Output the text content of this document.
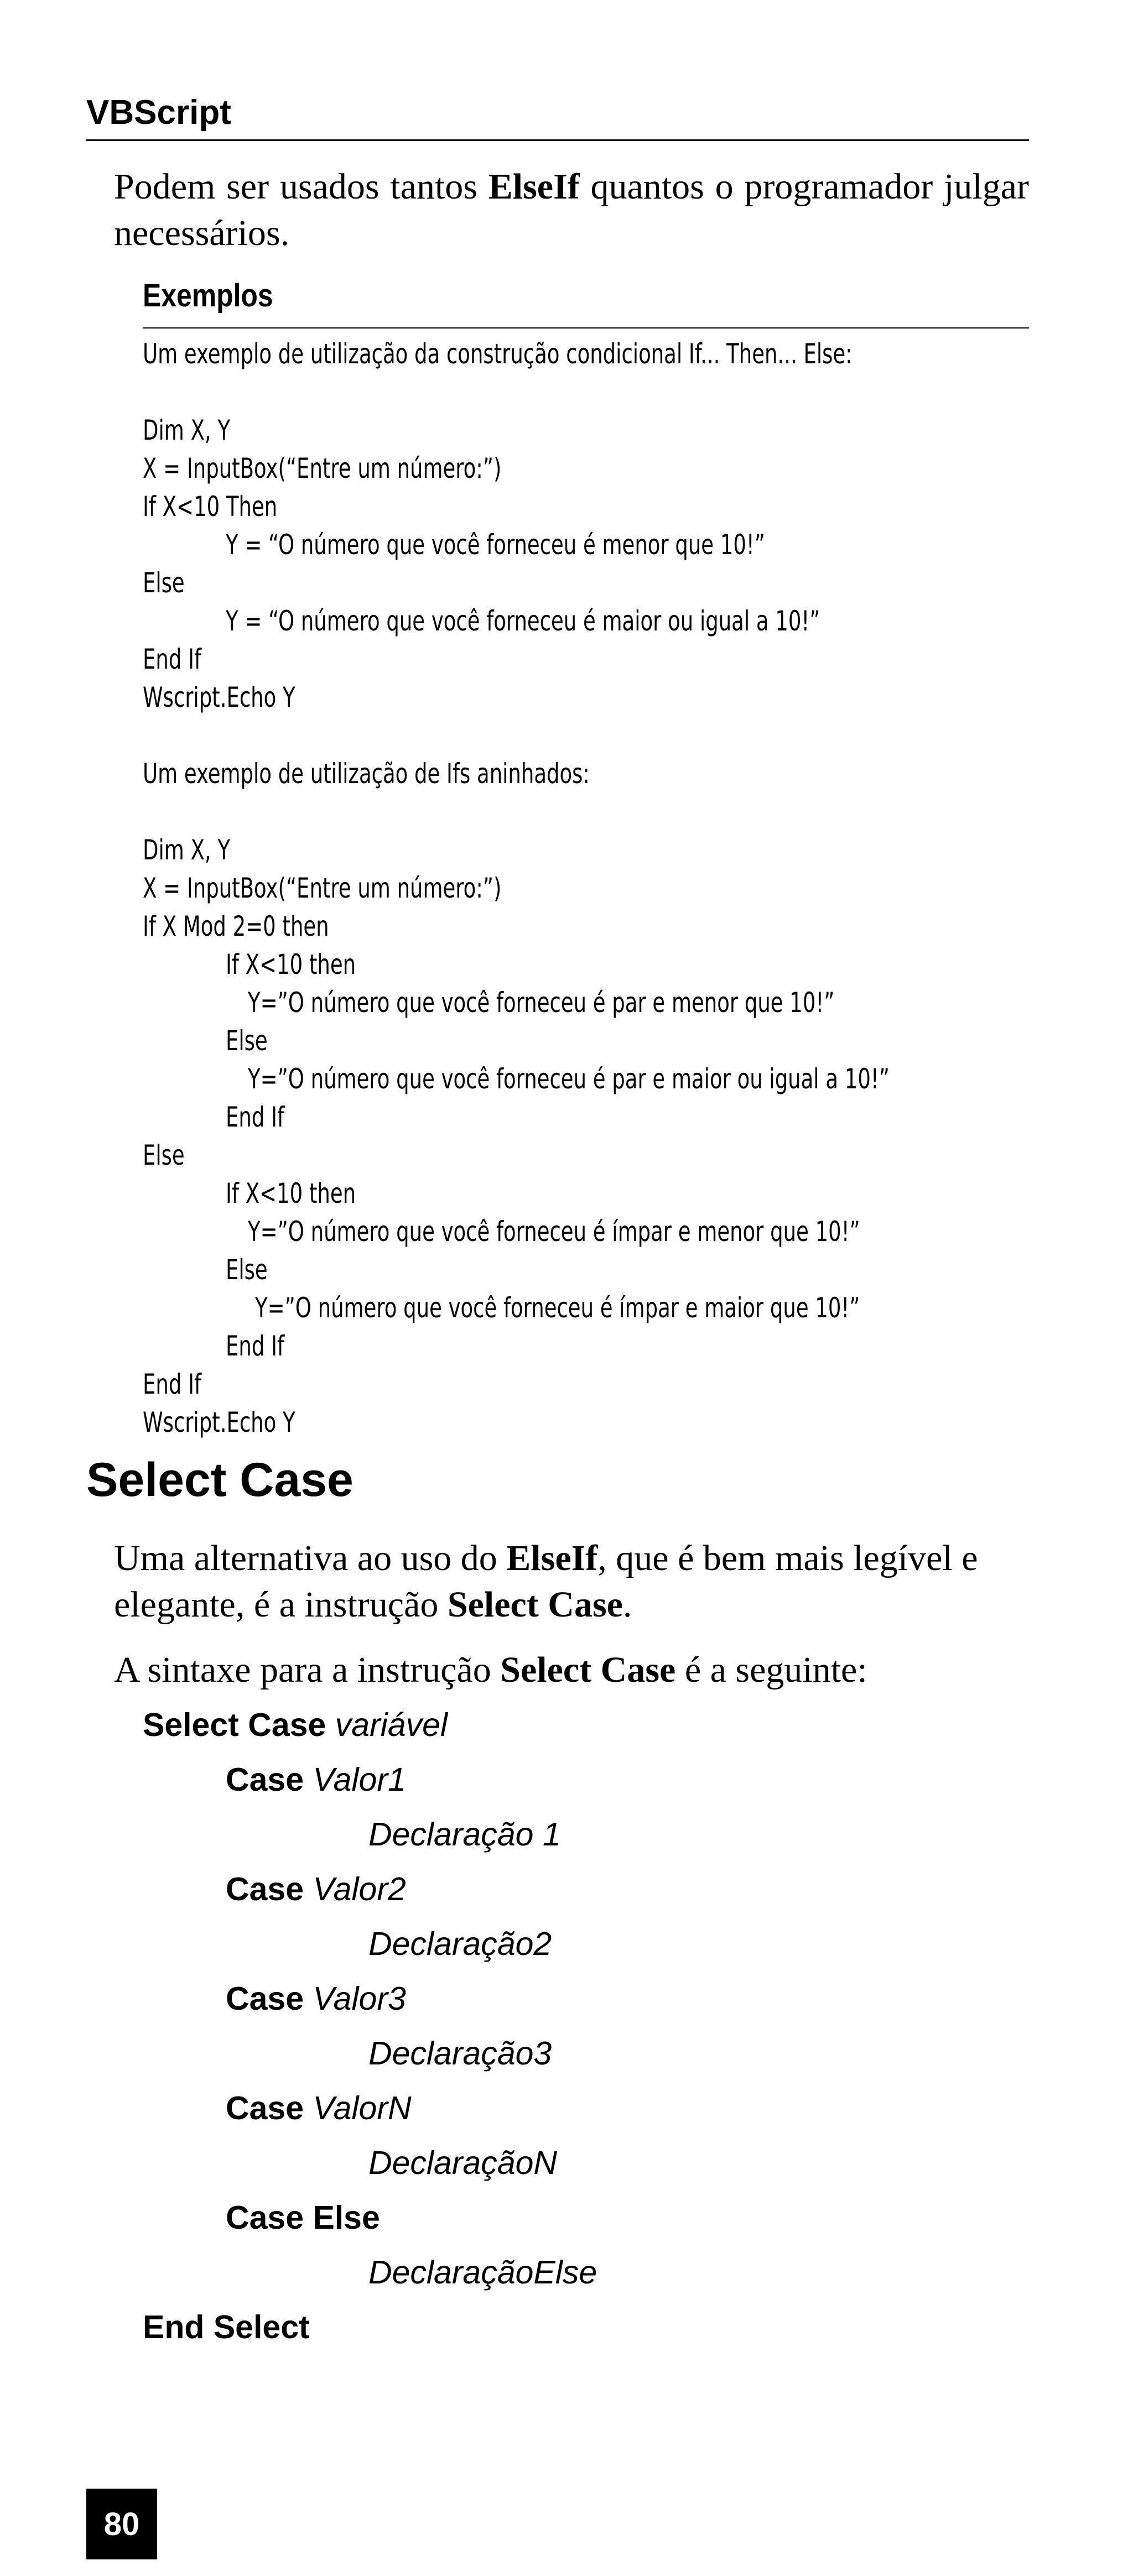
VBScript

Podem ser usados tantos ElseIf quantos o programador julgar necessários.

Exemplos
Um exemplo de utilização da construção condicional If... Then... Else:
Dim X, Y
X = InputBox(“Entre um número:”)
If X<10 Then
Y = “O número que você forneceu é menor que 10!”
Else
Y = “O número que você forneceu é maior ou igual a 10!”
End If
Wscript.Echo Y
Um exemplo de utilização de Ifs aninhados:
Dim X, Y
X = InputBox(“Entre um número:”)
If X Mod 2=0 then
If X<10 then
Y=”O número que você forneceu é par e menor que 10!”
Else
Y=”O número que você forneceu é par e maior ou igual a 10!”
End If
Else
If X<10 then
Y=”O número que você forneceu é ímpar e menor que 10!”
Else
Y=”O número que você forneceu é ímpar e maior que 10!”
End If
End If
Wscript.Echo Y
Select Case
Uma alternativa ao uso do ElseIf, que é bem mais legível e elegante, é a instrução Select Case.
A sintaxe para a instrução Select Case é a seguinte:
Select Case variável
Case Valor1
Declaração 1
Case Valor2
Declaração2
Case Valor3
Declaração3
Case ValorN
DeclaraçãoN
Case Else
DeclaraçãoElse
End Select
80
